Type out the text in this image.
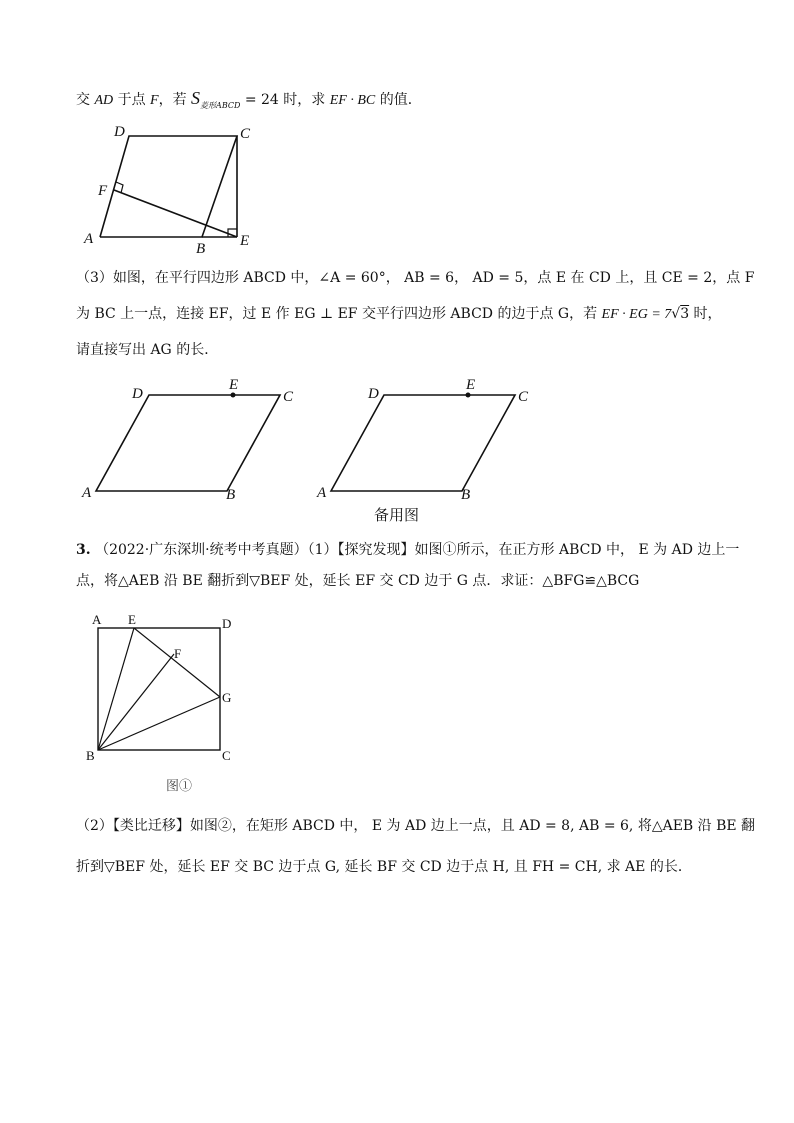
交 AD 于点 F，若 $S_{菱形ABCD} = 24$ 时，求 EF · BC 的值．
D	C
F
A
B E
（3）如图，在平行四边形 ABCD 中，∠A = 60°， AB = 6， AD = 5，点 E 在 CD 上，且 CE = 2，点 F
为 BC 上一点，连接 EF，过 E 作 EG ⊥ EF 交平行四边形 ABCD 的边于点 G，若 EF · EG = 7√3 时，
请直接写出 AG 的长．
D
E
C
A	B
D
E
C
A	B
备用图
3. （2022·广东深圳·统考中考真题）（1）【探究发现】如图①所示，在正方形 ABCD 中， E 为 AD 边上一
点，将△AEB 沿 BE 翻折到▽BEF 处，延长 EF 交 CD 边于 G 点．求证：△BFG≌△BCG
A E	D
F
G
B	C
图①
（2）【类比迁移】如图②，在矩形 ABCD 中， E 为 AD 边上一点，且 AD = 8, AB = 6, 将△AEB 沿 BE 翻
折到▽BEF 处，延长 EF 交 BC 边于点 G, 延长 BF 交 CD 边于点 H, 且 FH = CH, 求 AE 的长．
